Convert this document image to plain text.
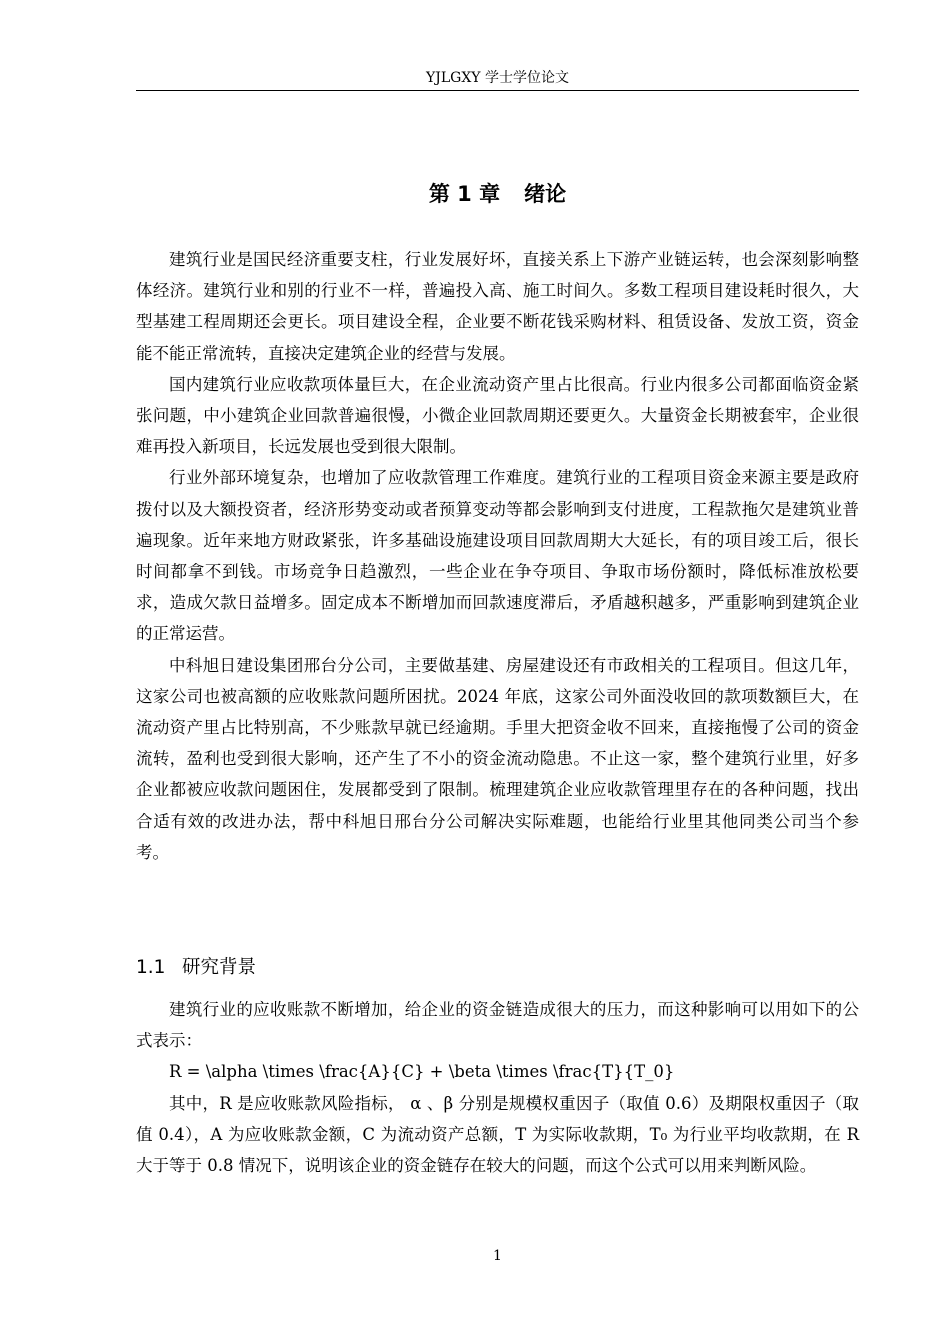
YJLGXY 学士学位论文
第 1 章 绪论

建筑行业是国民经济重要支柱，行业发展好坏，直接关系上下游产业链运转，也会深刻影响整体经济。建筑行业和别的行业不一样，普遍投入高、施工时间久。多数工程项目建设耗时很久，大型基建工程周期还会更长。项目建设全程，企业要不断花钱采购材料、租赁设备、发放工资，资金能不能正常流转，直接决定建筑企业的经营与发展。

国内建筑行业应收款项体量巨大，在企业流动资产里占比很高。行业内很多公司都面临资金紧张问题，中小建筑企业回款普遍很慢，小微企业回款周期还要更久。大量资金长期被套牢，企业很难再投入新项目，长远发展也受到很大限制。

行业外部环境复杂，也增加了应收款管理工作难度。建筑行业的工程项目资金来源主要是政府拨付以及大额投资者，经济形势变动或者预算变动等都会影响到支付进度，工程款拖欠是建筑业普遍现象。近年来地方财政紧张，许多基础设施建设项目回款周期大大延长，有的项目竣工后，很长时间都拿不到钱。市场竞争日趋激烈，一些企业在争夺项目、争取市场份额时，降低标准放松要求，造成欠款日益增多。固定成本不断增加而回款速度滞后，矛盾越积越多，严重影响到建筑企业的正常运营。

中科旭日建设集团邢台分公司，主要做基建、房屋建设还有市政相关的工程项目。但这几年，这家公司也被高额的应收账款问题所困扰。2024 年底，这家公司外面没收回的款项数额巨大，在流动资产里占比特别高，不少账款早就已经逾期。手里大把资金收不回来，直接拖慢了公司的资金流转，盈利也受到很大影响，还产生了不小的资金流动隐患。不止这一家，整个建筑行业里，好多企业都被应收款问题困住，发展都受到了限制。梳理建筑企业应收款管理里存在的各种问题，找出合适有效的改进办法，帮中科旭日邢台分公司解决实际难题，也能给行业里其他同类公司当个参考。

1.1 研究背景

建筑行业的应收账款不断增加，给企业的资金链造成很大的压力，而这种影响可以用如下的公式表示：

R = \alpha \times \frac{A}{C} + \beta \times \frac{T}{T_0}

其中，R 是应收账款风险指标， α 、β 分别是规模权重因子（取值 0.6）及期限权重因子（取值 0.4），A 为应收账款金额，C 为流动资产总额，T 为实际收款期，T₀ 为行业平均收款期，在 R 大于等于 0.8 情况下，说明该企业的资金链存在较大的问题，而这个公式可以用来判断风险。

1
